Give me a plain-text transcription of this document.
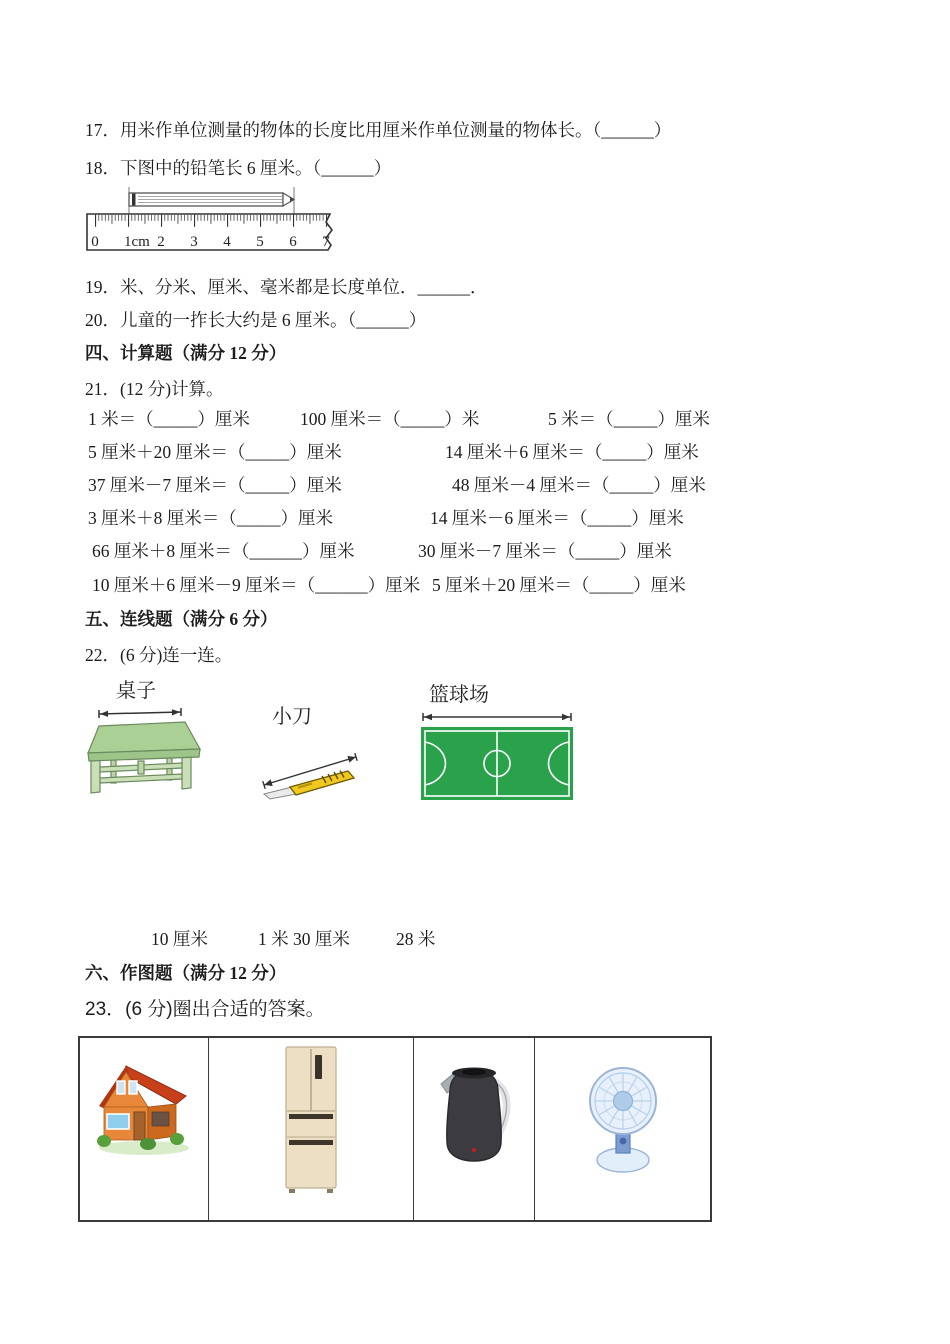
17．用米作单位测量的物体的长度比用厘米作单位测量的物体长。（______）
18．下图中的铅笔长 6 厘米。（______）
0 1cm 2 3 4 5 6 7
19．米、分米、厘米、毫米都是长度单位．______．
20．儿童的一拃长大约是 6 厘米。（______）
四、计算题（满分 12 分）
21．(12 分)计算。
1 米＝（_____）厘米	100 厘米＝（_____）米	5 米＝（_____）厘米
5 厘米＋20 厘米＝（_____）厘米	14 厘米＋6 厘米＝（_____）厘米
37 厘米－7 厘米＝（_____）厘米	48 厘米－4 厘米＝（_____）厘米
3 厘米＋8 厘米＝（_____）厘米	14 厘米－6 厘米＝（_____）厘米
66 厘米＋8 厘米＝（______）厘米	30 厘米－7 厘米＝（_____）厘米
10 厘米＋6 厘米－9 厘米＝（______）厘米 5 厘米＋20 厘米＝（_____）厘米
五、连线题（满分 6 分）
22．(6 分)连一连。
桌子
小刀
篮球场
10 厘米	1 米 30 厘米	28 米
六、作图题（满分 12 分）
23．(6 分)圈出合适的答案。
